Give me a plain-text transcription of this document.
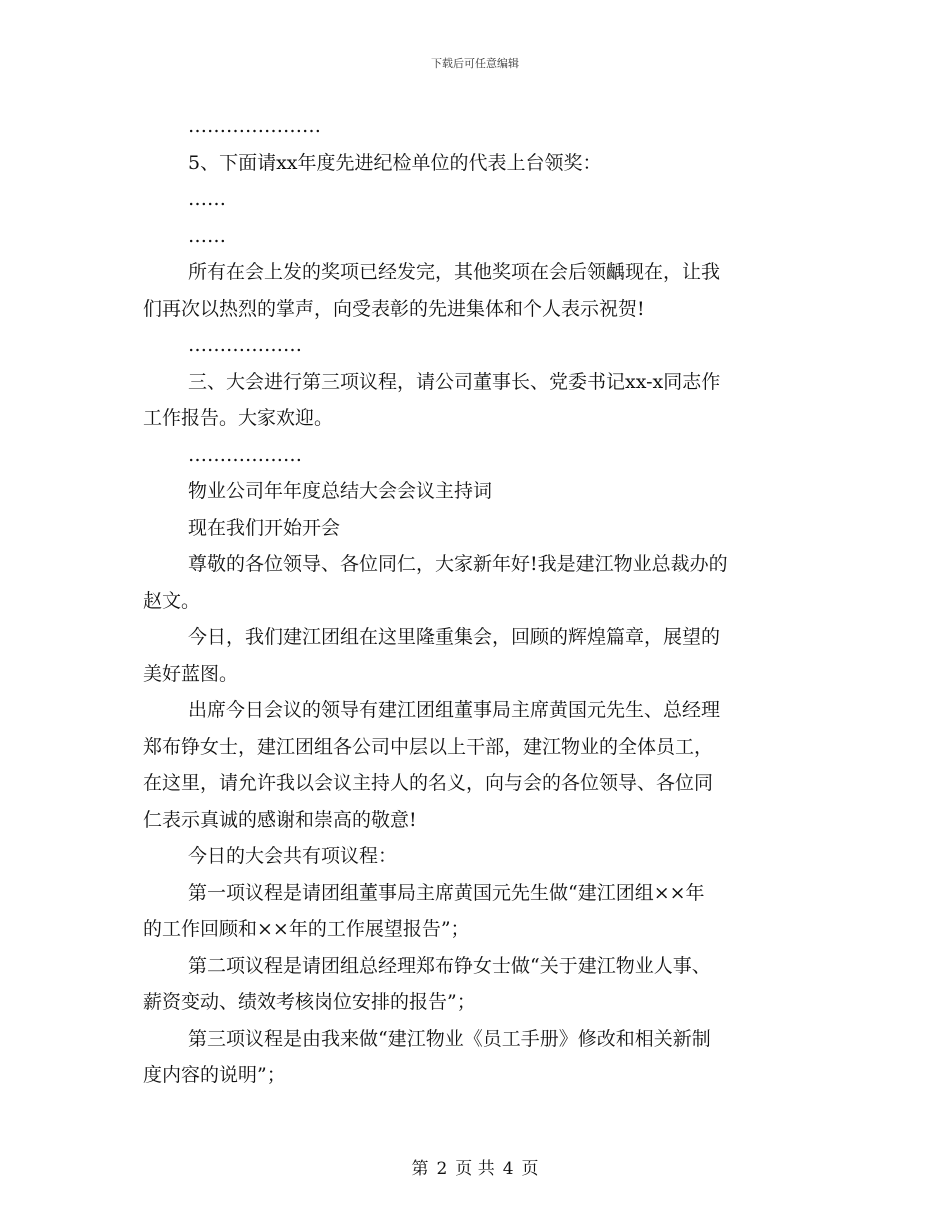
下载后可任意编辑
…………………
5、下面请xx年度先进纪检单位的代表上台领奖：
……
……
所有在会上发的奖项已经发完，其他奖项在会后领齲现在，让我
们再次以热烈的掌声，向受表彰的先进集体和个人表示祝贺!
………………
三、大会进行第三项议程，请公司董事长、党委书记xx-x同志作
工作报告。大家欢迎。
………………
物业公司年年度总结大会会议主持词
现在我们开始开会
尊敬的各位领导、各位同仁，大家新年好!我是建江物业总裁办的
赵文。
今日，我们建江团组在这里隆重集会，回顾的辉煌篇章，展望的
美好蓝图。
出席今日会议的领导有建江团组董事局主席黄国元先生、总经理
郑布铮女士，建江团组各公司中层以上干部，建江物业的全体员工，
在这里，请允许我以会议主持人的名义，向与会的各位领导、各位同
仁表示真诚的感谢和崇高的敬意!
今日的大会共有项议程：
第一项议程是请团组董事局主席黄国元先生做“建江团组××年
的工作回顾和××年的工作展望报告”；
第二项议程是请团组总经理郑布铮女士做“关于建江物业人事、
薪资变动、绩效考核岗位安排的报告”；
第三项议程是由我来做“建江物业《员工手册》修改和相关新制
度内容的说明”；
第 2 页 共 4 页
